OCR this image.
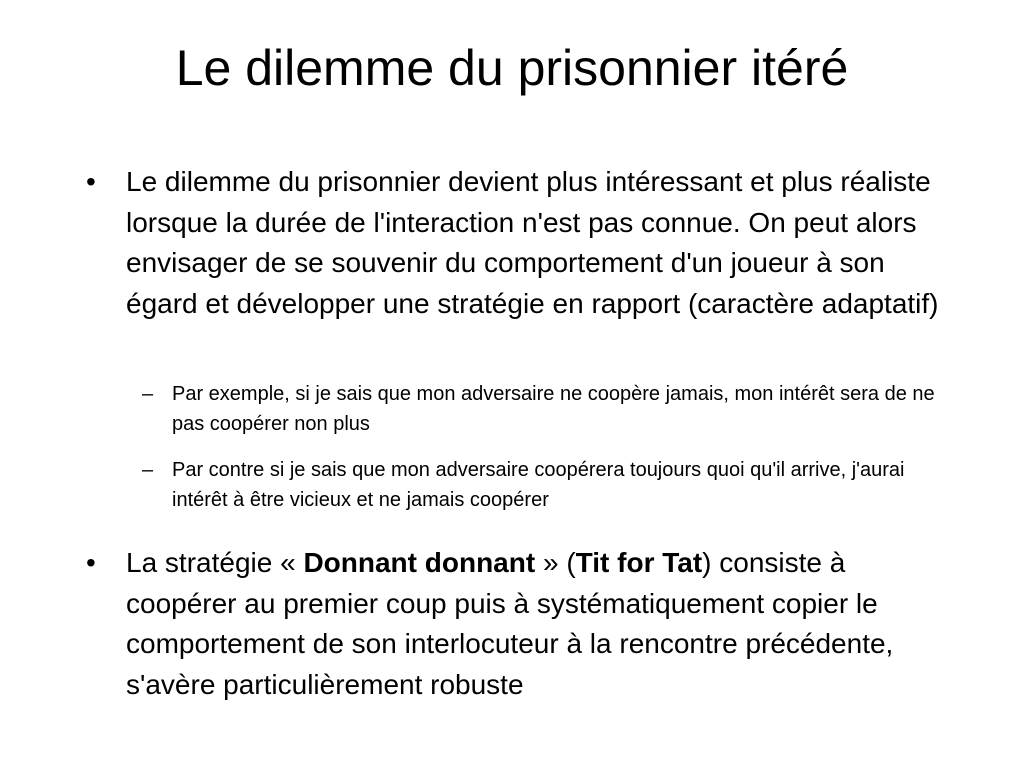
Le dilemme du prisonnier itéré
• Le dilemme du prisonnier devient plus intéressant et plus réaliste lorsque la durée de l'interaction n'est pas connue. On peut alors envisager de se souvenir du comportement d'un joueur à son égard et développer une stratégie en rapport (caractère adaptatif)
– Par exemple, si je sais que mon adversaire ne coopère jamais, mon intérêt sera de ne pas coopérer non plus
– Par contre si je sais que mon adversaire coopérera toujours quoi qu'il arrive, j'aurai intérêt à être vicieux et ne jamais coopérer
• La stratégie « Donnant donnant » (Tit for Tat) consiste à coopérer au premier coup puis à systématiquement copier le comportement de son interlocuteur à la rencontre précédente, s'avère particulièrement robuste
